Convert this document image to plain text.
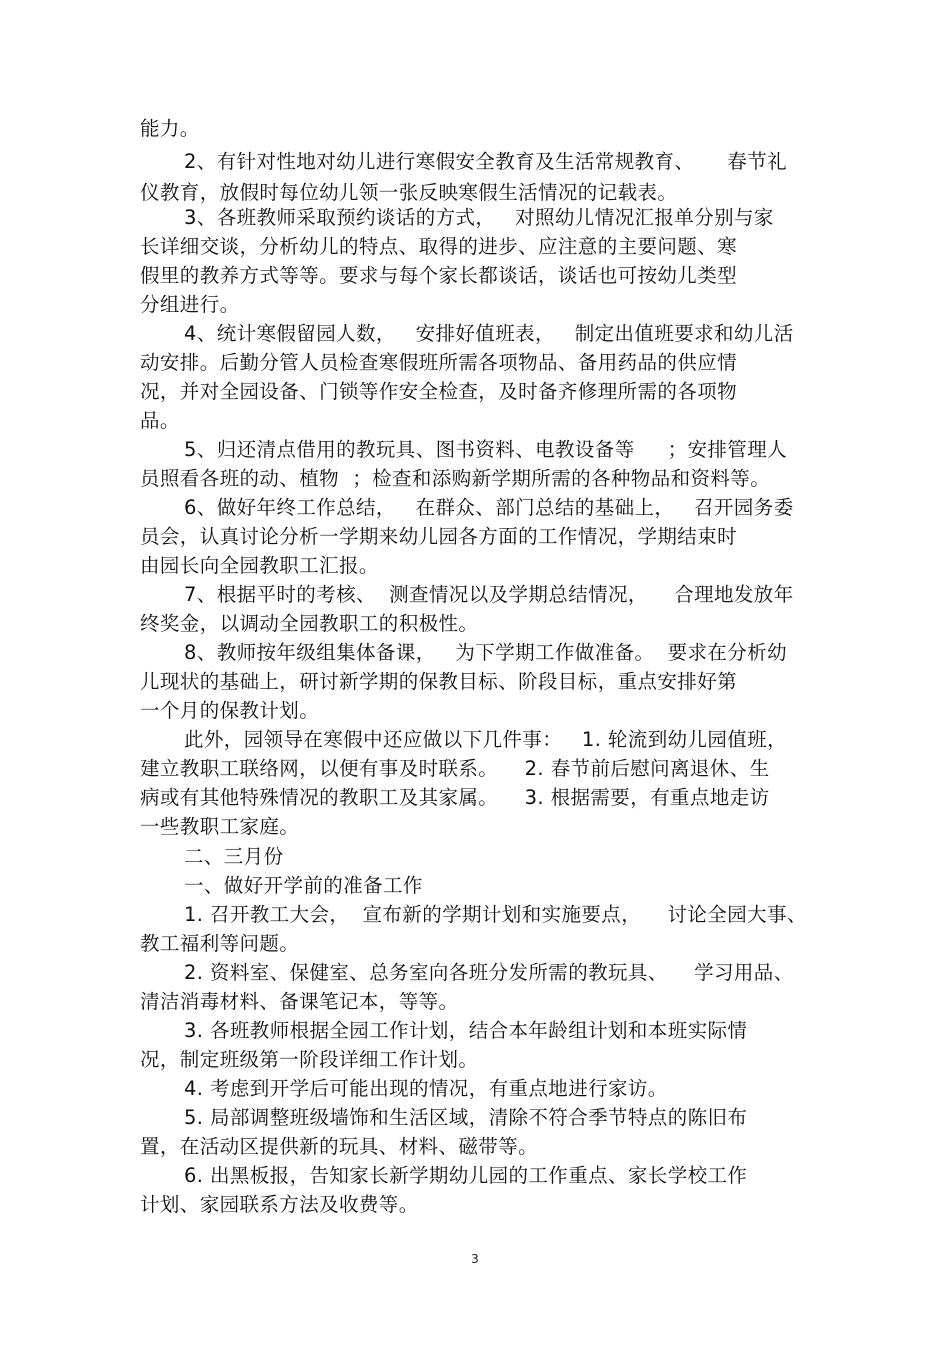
能力。
2、有针对性地对幼儿进行寒假安全教育及生活常规教育、     春节礼
仪教育，放假时每位幼儿领一张反映寒假生活情况的记载表。
3、各班教师采取预约谈话的方式，   对照幼儿情况汇报单分别与家
长详细交谈，分析幼儿的特点、取得的进步、应注意的主要问题、寒
假里的教养方式等等。要求与每个家长都谈话，谈话也可按幼儿类型
分组进行。
4、统计寒假留园人数，   安排好值班表，   制定出值班要求和幼儿活
动安排。后勤分管人员检查寒假班所需各项物品、备用药品的供应情
况，并对全园设备、门锁等作安全检查，及时备齐修理所需的各项物
品。
5、归还清点借用的教玩具、图书资料、电教设备等     ；安排管理人
员照看各班的动、植物  ；检查和添购新学期所需的各种物品和资料等。
6、做好年终工作总结，   在群众、部门总结的基础上，   召开园务委
员会，认真讨论分析一学期来幼儿园各方面的工作情况，学期结束时
由园长向全园教职工汇报。
7、根据平时的考核、  测查情况以及学期总结情况，    合理地发放年
终奖金，以调动全园教职工的积极性。
8、教师按年级组集体备课，   为下学期工作做准备。  要求在分析幼
儿现状的基础上，研讨新学期的保教目标、阶段目标，重点安排好第
一个月的保教计划。
此外，园领导在寒假中还应做以下几件事：   1. 轮流到幼儿园值班，
建立教职工联络网，以便有事及时联系。    2. 春节前后慰问离退休、生
病或有其他特殊情况的教职工及其家属。    3. 根据需要，有重点地走访
一些教职工家庭。
二、三月份
一、做好开学前的准备工作
1. 召开教工大会，  宣布新的学期计划和实施要点，    讨论全园大事、
教工福利等问题。
2. 资料室、保健室、总务室向各班分发所需的教玩具、    学习用品、
清洁消毒材料、备课笔记本，等等。
3. 各班教师根据全园工作计划，结合本年龄组计划和本班实际情
况，制定班级第一阶段详细工作计划。
4. 考虑到开学后可能出现的情况，有重点地进行家访。
5. 局部调整班级墙饰和生活区域，清除不符合季节特点的陈旧布
置，在活动区提供新的玩具、材料、磁带等。
6. 出黑板报，告知家长新学期幼儿园的工作重点、家长学校工作
计划、家园联系方法及收费等。
3
